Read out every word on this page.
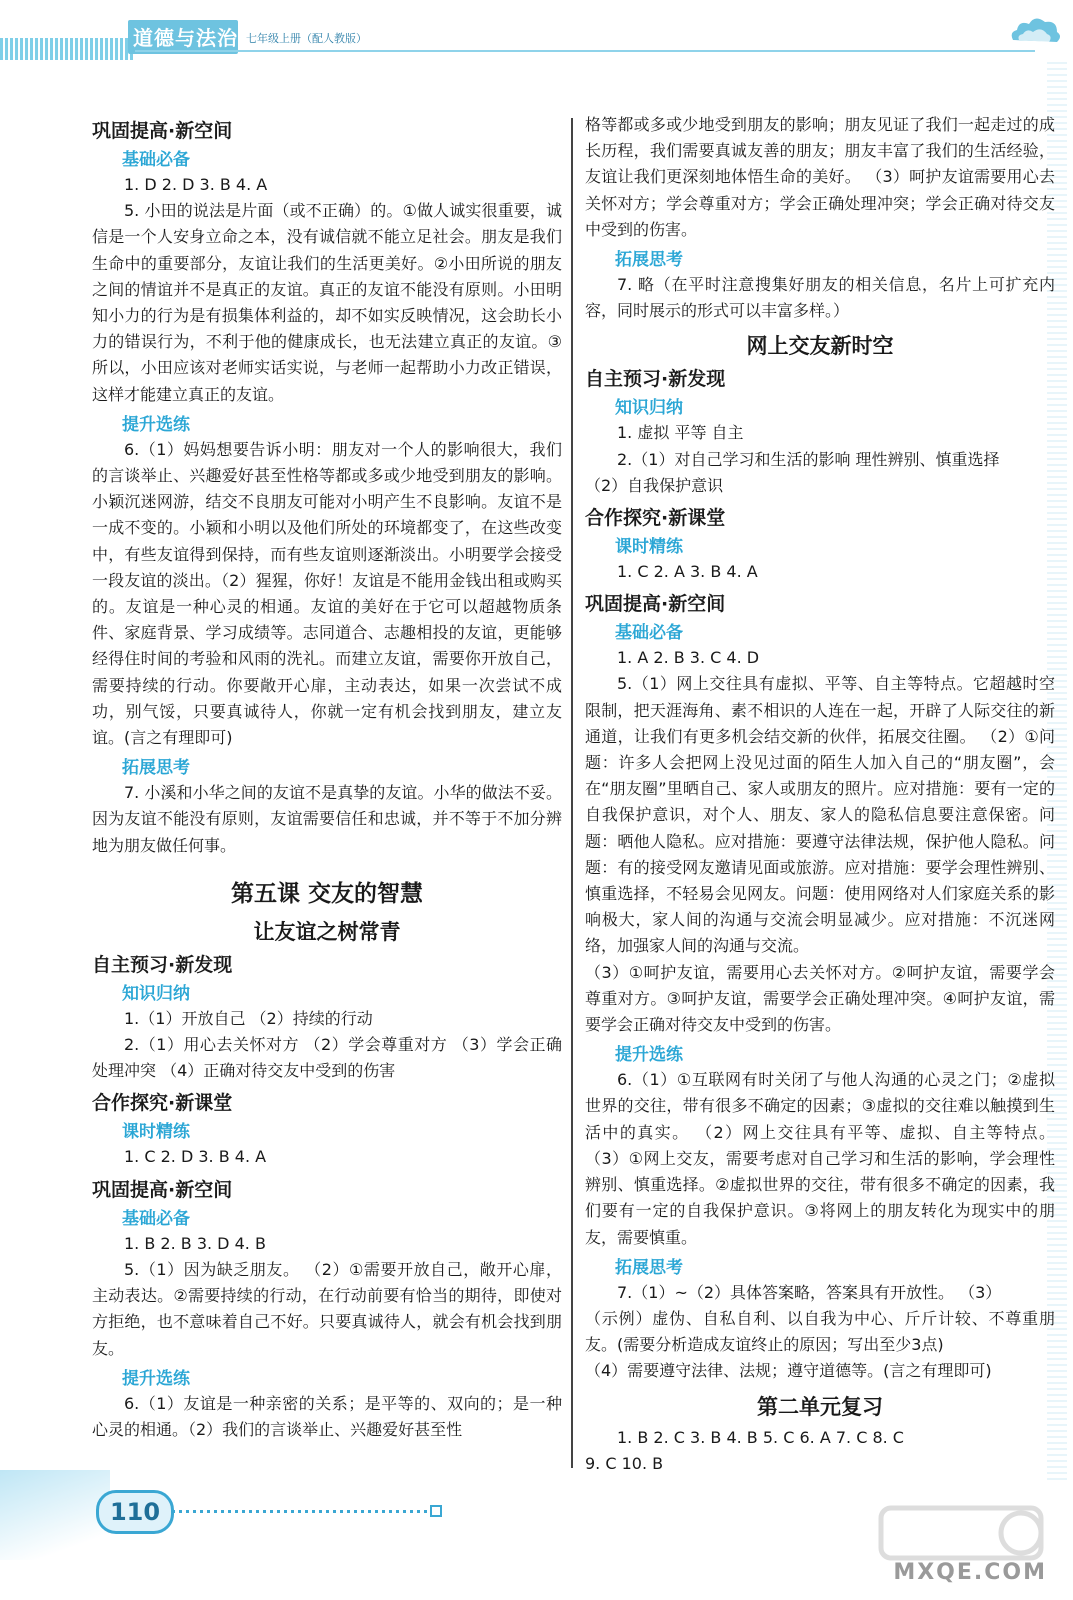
道德与法治 七年级上册（配人教版）
巩固提高·新空间
基础必备
1. D 2. D 3. B 4. A
5. 小田的说法是片面（或不正确）的。①做人诚实很重要，诚信是一个人安身立命之本，没有诚信就不能立足社会。朋友是我们生命中的重要部分，友谊让我们的生活更美好。②小田所说的朋友之间的情谊并不是真正的友谊。真正的友谊不能没有原则。小田明知小力的行为是有损集体利益的，却不如实反映情况，这会助长小力的错误行为，不利于他的健康成长，也无法建立真正的友谊。③所以，小田应该对老师实话实说，与老师一起帮助小力改正错误，这样才能建立真正的友谊。
提升选练
6.（1）妈妈想要告诉小明：朋友对一个人的影响很大，我们的言谈举止、兴趣爱好甚至性格等都或多或少地受到朋友的影响。小颖沉迷网游，结交不良朋友可能对小明产生不良影响。友谊不是一成不变的。小颖和小明以及他们所处的环境都变了，在这些改变中，有些友谊得到保持，而有些友谊则逐渐淡出。小明要学会接受一段友谊的淡出。（2）猩猩，你好！友谊是不能用金钱出租或购买的。友谊是一种心灵的相通。友谊的美好在于它可以超越物质条件、家庭背景、学习成绩等。志同道合、志趣相投的友谊，更能够经得住时间的考验和风雨的洗礼。而建立友谊，需要你开放自己，需要持续的行动。你要敞开心扉，主动表达，如果一次尝试不成功，别气馁，只要真诚待人，你就一定有机会找到朋友，建立友谊。(言之有理即可)
拓展思考
7. 小溪和小华之间的友谊不是真挚的友谊。小华的做法不妥。因为友谊不能没有原则，友谊需要信任和忠诚，并不等于不加分辨地为朋友做任何事。
第五课 交友的智慧
让友谊之树常青
自主预习·新发现
知识归纳
1.（1）开放自己 （2）持续的行动
2.（1）用心去关怀对方 （2）学会尊重对方 （3）学会正确处理冲突 （4）正确对待交友中受到的伤害
合作探究·新课堂
课时精练
1. C 2. D 3. B 4. A
巩固提高·新空间
基础必备
1. B 2. B 3. D 4. B
5.（1）因为缺乏朋友。 （2）①需要开放自己，敞开心扉，主动表达。②需要持续的行动，在行动前要有恰当的期待，即使对方拒绝，也不意味着自己不好。只要真诚待人，就会有机会找到朋友。
提升选练
6.（1）友谊是一种亲密的关系；是平等的、双向的；是一种心灵的相通。（2）我们的言谈举止、兴趣爱好甚至性
格等都或多或少地受到朋友的影响；朋友见证了我们一起走过的成长历程，我们需要真诚友善的朋友；朋友丰富了我们的生活经验，友谊让我们更深刻地体悟生命的美好。 （3）呵护友谊需要用心去关怀对方；学会尊重对方；学会正确处理冲突；学会正确对待交友中受到的伤害。
拓展思考
7. 略（在平时注意搜集好朋友的相关信息，名片上可扩充内容，同时展示的形式可以丰富多样。）
网上交友新时空
自主预习·新发现
知识归纳
1. 虚拟 平等 自主
2.（1）对自己学习和生活的影响 理性辨别、慎重选择
（2）自我保护意识
合作探究·新课堂
课时精练
1. C 2. A 3. B 4. A
巩固提高·新空间
基础必备
1. A 2. B 3. C 4. D
5.（1）网上交往具有虚拟、平等、自主等特点。它超越时空限制，把天涯海角、素不相识的人连在一起，开辟了人际交往的新通道，让我们有更多机会结交新的伙伴，拓展交往圈。 （2）①问题：许多人会把网上没见过面的陌生人加入自己的“朋友圈”，会在“朋友圈”里晒自己、家人或朋友的照片。应对措施：要有一定的自我保护意识，对个人、朋友、家人的隐私信息要注意保密。问题：晒他人隐私。应对措施：要遵守法律法规，保护他人隐私。问题：有的接受网友邀请见面或旅游。应对措施：要学会理性辨别、慎重选择，不轻易会见网友。问题：使用网络对人们家庭关系的影响极大，家人间的沟通与交流会明显减少。应对措施：不沉迷网络，加强家人间的沟通与交流。
（3）①呵护友谊，需要用心去关怀对方。②呵护友谊，需要学会尊重对方。③呵护友谊，需要学会正确处理冲突。④呵护友谊，需要学会正确对待交友中受到的伤害。
提升选练
6.（1）①互联网有时关闭了与他人沟通的心灵之门；②虚拟世界的交往，带有很多不确定的因素；③虚拟的交往难以触摸到生活中的真实。 （2）网上交往具有平等、虚拟、自主等特点。 （3）①网上交友，需要考虑对自己学习和生活的影响，学会理性辨别、慎重选择。②虚拟世界的交往，带有很多不确定的因素，我们要有一定的自我保护意识。③将网上的朋友转化为现实中的朋友，需要慎重。
拓展思考
7.（1）~（2）具体答案略，答案具有开放性。 （3）
（示例）虚伪、自私自利、以自我为中心、斤斤计较、不尊重朋友。(需要分析造成友谊终止的原因；写出至少3点)
（4）需要遵守法律、法规；遵守道德等。(言之有理即可)
第二单元复习
1. B 2. C 3. B 4. B 5. C 6. A 7. C 8. C
9. C 10. B
110
MXQE.COM
